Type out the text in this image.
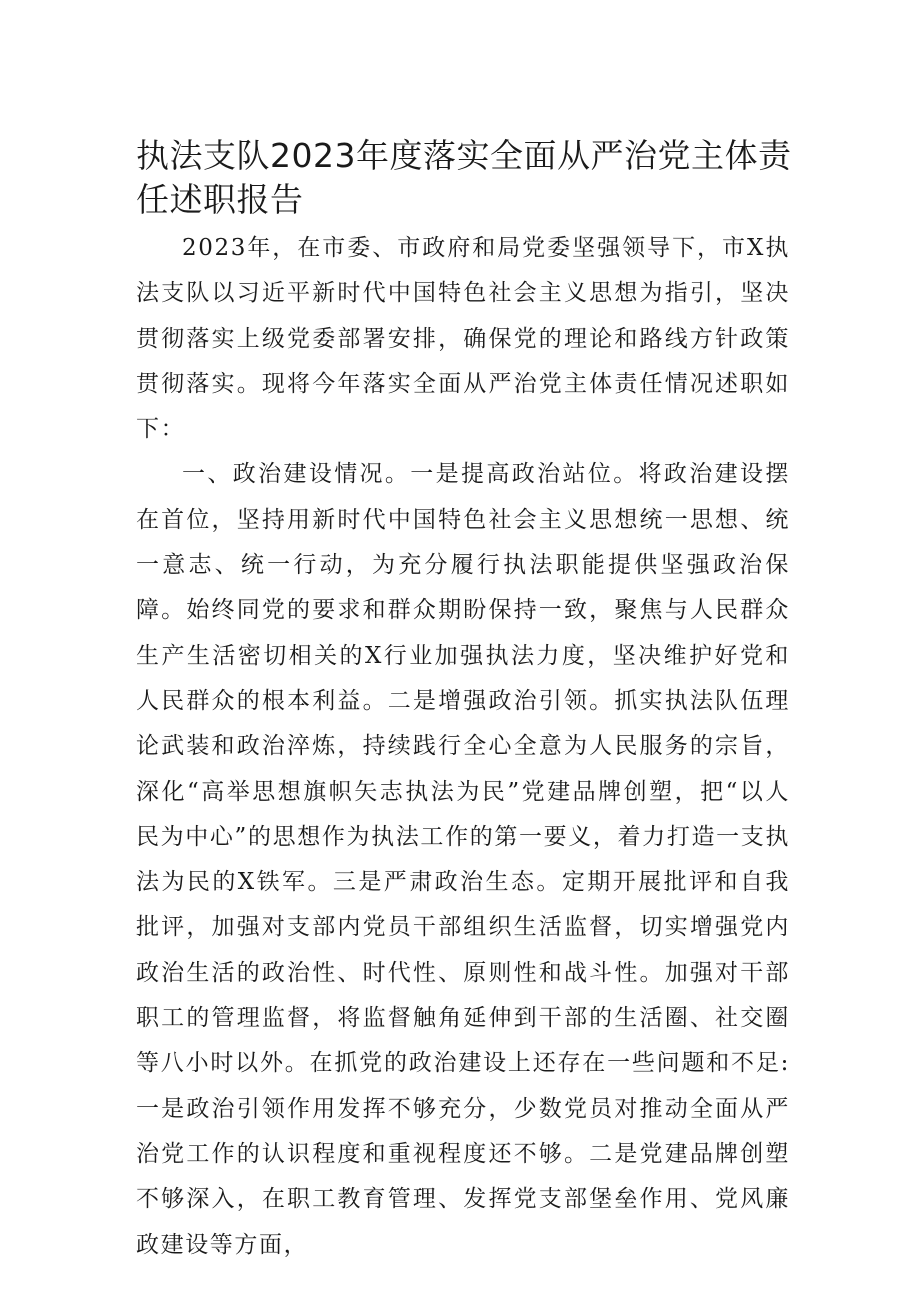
执法支队2023年度落实全面从严治党主体责任述职报告

2023年，在市委、市政府和局党委坚强领导下，市X执法支队以习近平新时代中国特色社会主义思想为指引，坚决贯彻落实上级党委部署安排，确保党的理论和路线方针政策贯彻落实。现将今年落实全面从严治党主体责任情况述职如下：

一、政治建设情况。一是提高政治站位。将政治建设摆在首位，坚持用新时代中国特色社会主义思想统一思想、统一意志、统一行动，为充分履行执法职能提供坚强政治保障。始终同党的要求和群众期盼保持一致，聚焦与人民群众生产生活密切相关的X行业加强执法力度，坚决维护好党和人民群众的根本利益。二是增强政治引领。抓实执法队伍理论武装和政治淬炼，持续践行全心全意为人民服务的宗旨，深化“高举思想旗帜矢志执法为民”党建品牌创塑，把“以人民为中心”的思想作为执法工作的第一要义，着力打造一支执法为民的X铁军。三是严肃政治生态。定期开展批评和自我批评，加强对支部内党员干部组织生活监督，切实增强党内政治生活的政治性、时代性、原则性和战斗性。加强对干部职工的管理监督，将监督触角延伸到干部的生活圈、社交圈等八小时以外。在抓党的政治建设上还存在一些问题和不足:一是政治引领作用发挥不够充分，少数党员对推动全面从严治党工作的认识程度和重视程度还不够。二是党建品牌创塑不够深入，在职工教育管理、发挥党支部堡垒作用、党风廉政建设等方面，
